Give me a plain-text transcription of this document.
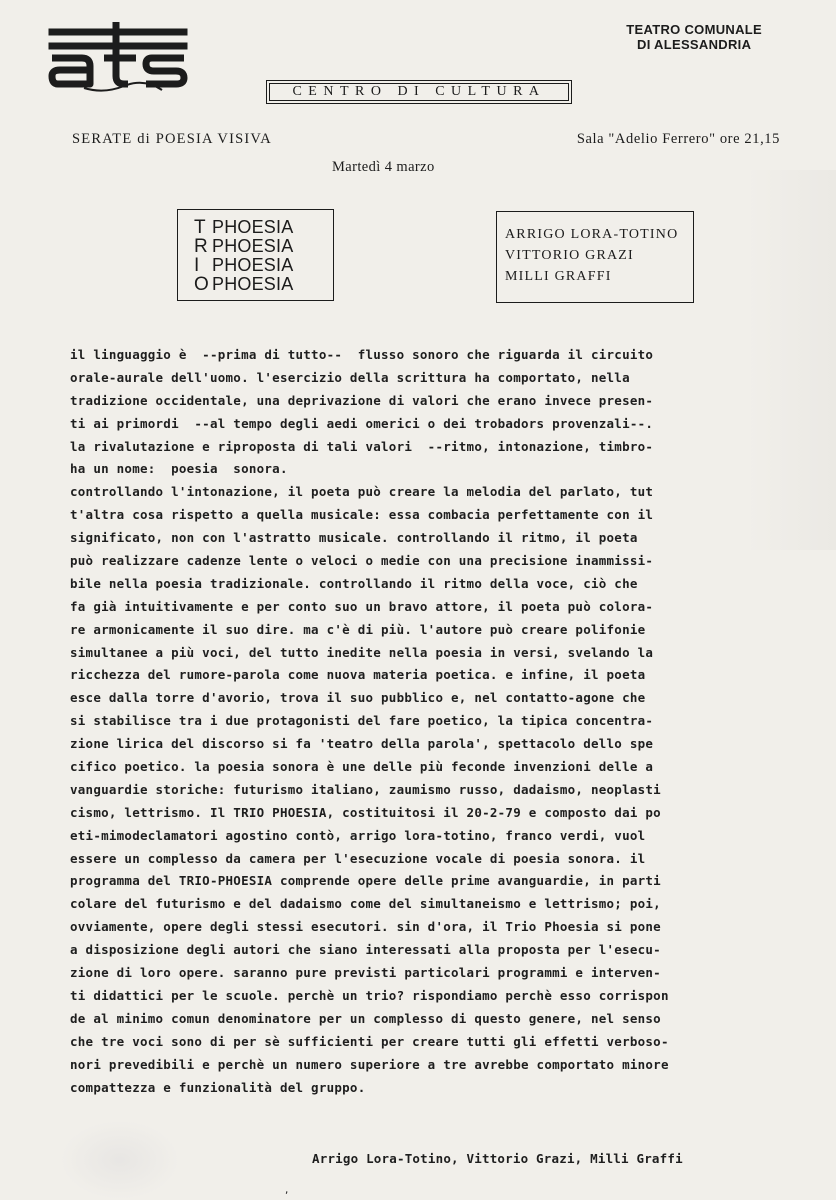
TEATRO COMUNALE
DI ALESSANDRIA
CENTRO DI CULTURA
SERATE di POESIA VISIVA	Sala "Adelio Ferrero" ore 21,15
Martedì 4 marzo
T PHOESIA
R PHOESIA
I PHOESIA
O PHOESIA
ARRIGO LORA-TOTINO
VITTORIO GRAZI
MILLI GRAFFI
il linguaggio è  --prima di tutto--  flusso sonoro che riguarda il circuito
orale-aurale dell'uomo. l'esercizio della scrittura ha comportato, nella
tradizione occidentale, una deprivazione di valori che erano invece presen-
ti ai primordi  --al tempo degli aedi omerici o dei trobadors provenzali--.
la rivalutazione e riproposta di tali valori  --ritmo, intonazione, timbro-
ha un nome:  poesia  sonora.
controllando l'intonazione, il poeta può creare la melodia del parlato, tut
t'altra cosa rispetto a quella musicale: essa combacia perfettamente con il
significato, non con l'astratto musicale. controllando il ritmo, il poeta
può realizzare cadenze lente o veloci o medie con una precisione inammissi-
bile nella poesia tradizionale. controllando il ritmo della voce, ciò che
fa già intuitivamente e per conto suo un bravo attore, il poeta può colora-
re armonicamente il suo dire. ma c'è di più. l'autore può creare polifonie
simultanee a più voci, del tutto inedite nella poesia in versi, svelando la
ricchezza del rumore-parola come nuova materia poetica. e infine, il poeta
esce dalla torre d'avorio, trova il suo pubblico e, nel contatto-agone che
si stabilisce tra i due protagonisti del fare poetico, la tipica concentra-
zione lirica del discorso si fa 'teatro della parola', spettacolo dello spe
cifico poetico. la poesia sonora è une delle più feconde invenzioni delle a
vanguardie storiche: futurismo italiano, zaumismo russo, dadaismo, neoplasti
cismo, lettrismo. Il TRIO PHOESIA, costituitosi il 20-2-79 e composto dai po
eti-mimodeclamatori agostino contò, arrigo lora-totino, franco verdi, vuol
essere un complesso da camera per l'esecuzione vocale di poesia sonora. il
programma del TRIO-PHOESIA comprende opere delle prime avanguardie, in parti
colare del futurismo e del dadaismo come del simultaneismo e lettrismo; poi,
ovviamente, opere degli stessi esecutori. sin d'ora, il Trio Phoesia si pone
a disposizione degli autori che siano interessati alla proposta per l'esecu-
zione di loro opere. saranno pure previsti particolari programmi e interven-
ti didattici per le scuole. perchè un trio? rispondiamo perchè esso corrispon
de al minimo comun denominatore per un complesso di questo genere, nel senso
che tre voci sono di per sè sufficienti per creare tutti gli effetti verboso-
nori prevedibili e perchè un numero superiore a tre avrebbe comportato minore
compattezza e funzionalità del gruppo.
Arrigo Lora-Totino, Vittorio Grazi, Milli Graffi
,
